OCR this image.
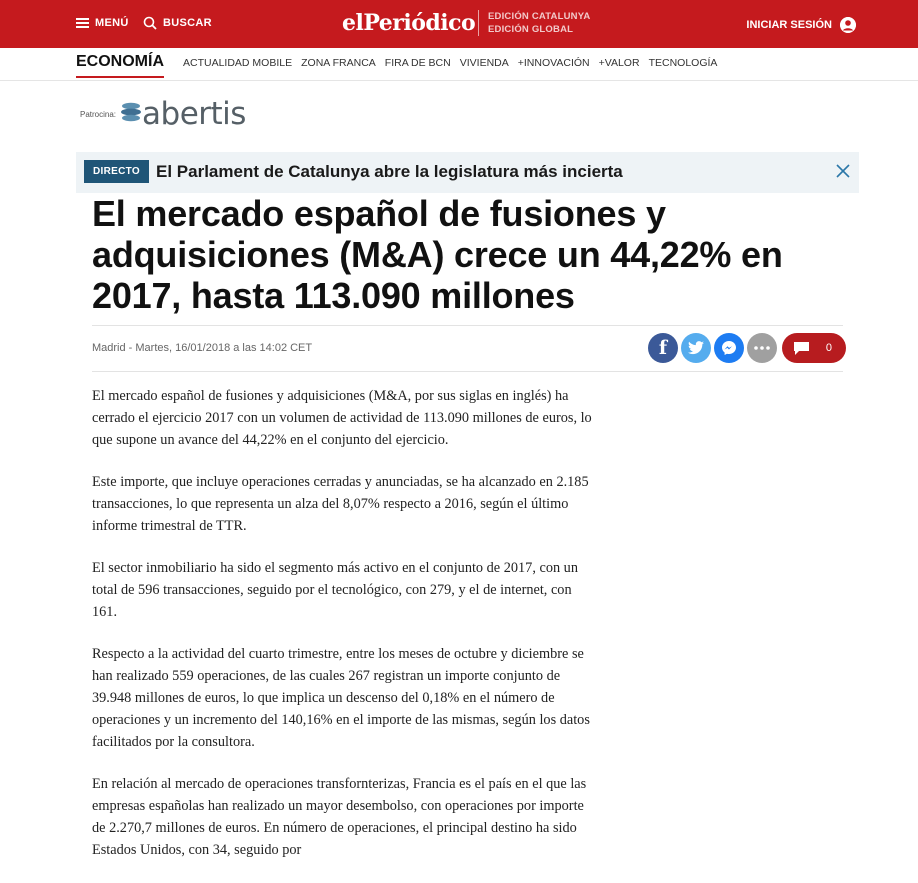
MENÚ	BUSCAR	elPeriódico EDICIÓN CATALUNYA
EDICIÓN GLOBAL	INICIAR SESIÓN
ECONOMÍA ACTUALIDAD MOBILE ZONA FRANCA FIRA DE BCN VIVIENDA +INNOVACIÓN +VALOR TECNOLOGÍA
Patrocina: abertis
DIRECTO El Parlament de Catalunya abre la legislatura más incierta
El mercado español de fusiones y adquisiciones (M&A) crece un 44,22% en 2017, hasta 113.090 millones
Madrid - Martes, 16/01/2018 a las 14:02 CET	f	0

El mercado español de fusiones y adquisiciones (M&A, por sus siglas en inglés) ha cerrado el ejercicio 2017 con un volumen de actividad de 113.090 millones de euros, lo que supone un avance del 44,22% en el conjunto del ejercicio.

Este importe, que incluye operaciones cerradas y anunciadas, se ha alcanzado en 2.185 transacciones, lo que representa un alza del 8,07% respecto a 2016, según el último informe trimestral de TTR.

El sector inmobiliario ha sido el segmento más activo en el conjunto de 2017, con un total de 596 transacciones, seguido por el tecnológico, con 279, y el de internet, con 161.

Respecto a la actividad del cuarto trimestre, entre los meses de octubre y diciembre se han realizado 559 operaciones, de las cuales 267 registran un importe conjunto de 39.948 millones de euros, lo que implica un descenso del 0,18% en el número de operaciones y un incremento del 140,16% en el importe de las mismas, según los datos facilitados por la consultora.

En relación al mercado de operaciones transfornterizas, Francia es el país en el que las empresas españolas han realizado un mayor desembolso, con operaciones por importe de 2.270,7 millones de euros. En número de operaciones, el principal destino ha sido Estados Unidos, con 34, seguido por
